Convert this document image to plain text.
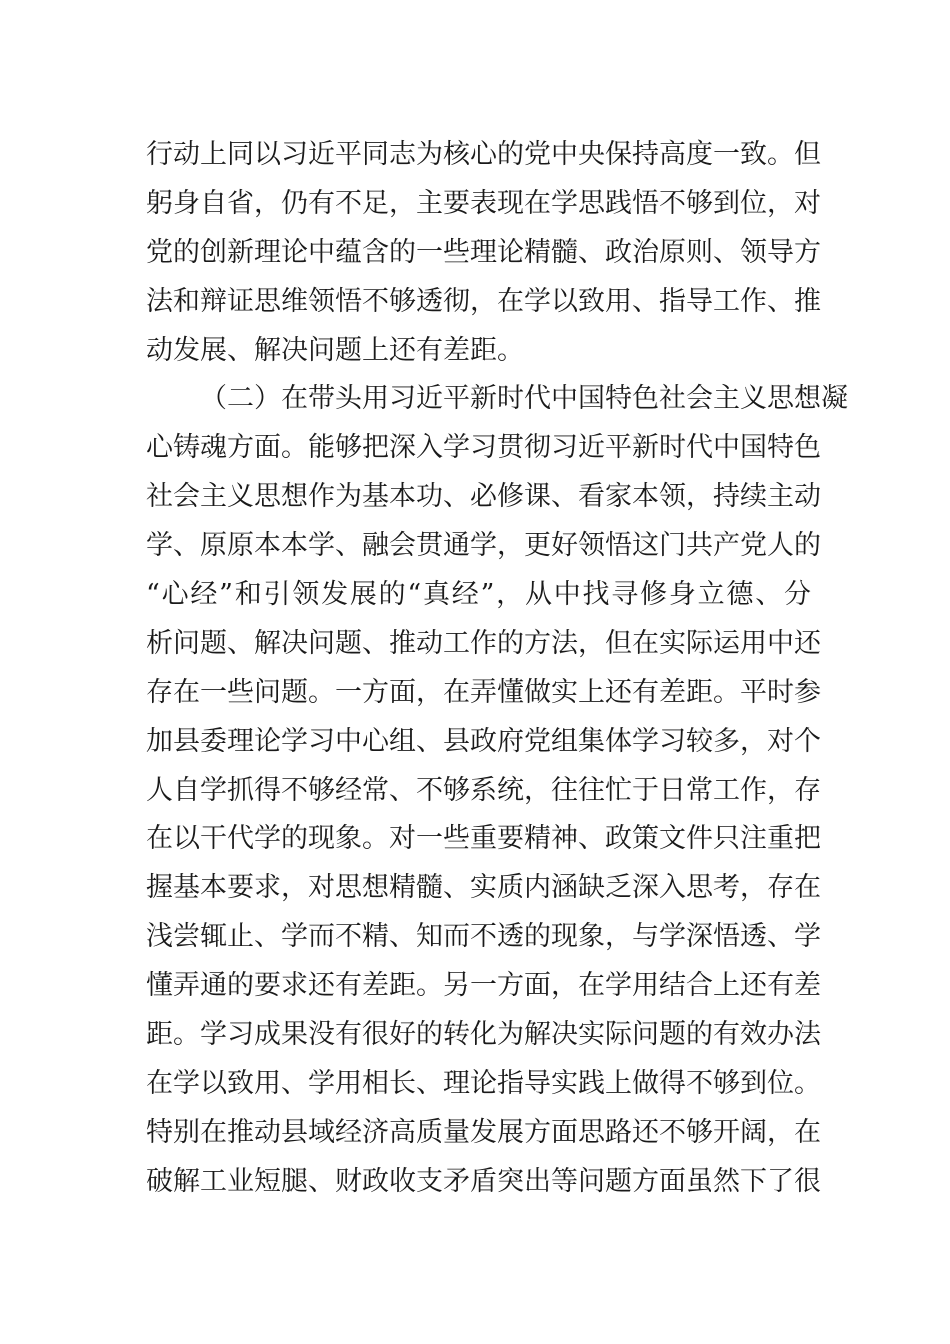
行动上同以习近平同志为核心的党中央保持高度一致。但
躬身自省，仍有不足，主要表现在学思践悟不够到位，对
党的创新理论中蕴含的一些理论精髓、政治原则、领导方
法和辩证思维领悟不够透彻，在学以致用、指导工作、推
动发展、解决问题上还有差距。
（二）在带头用习近平新时代中国特色社会主义思想凝
心铸魂方面。能够把深入学习贯彻习近平新时代中国特色
社会主义思想作为基本功、必修课、看家本领，持续主动
学、原原本本学、融会贯通学，更好领悟这门共产党人的
“心经”和引领发展的“真经”，从中找寻修身立德、分
析问题、解决问题、推动工作的方法，但在实际运用中还
存在一些问题。一方面，在弄懂做实上还有差距。平时参
加县委理论学习中心组、县政府党组集体学习较多，对个
人自学抓得不够经常、不够系统，往往忙于日常工作，存
在以干代学的现象。对一些重要精神、政策文件只注重把
握基本要求，对思想精髓、实质内涵缺乏深入思考，存在
浅尝辄止、学而不精、知而不透的现象，与学深悟透、学
懂弄通的要求还有差距。另一方面，在学用结合上还有差
距。学习成果没有很好的转化为解决实际问题的有效办法
在学以致用、学用相长、理论指导实践上做得不够到位。
特别在推动县域经济高质量发展方面思路还不够开阔，在
破解工业短腿、财政收支矛盾突出等问题方面虽然下了很
